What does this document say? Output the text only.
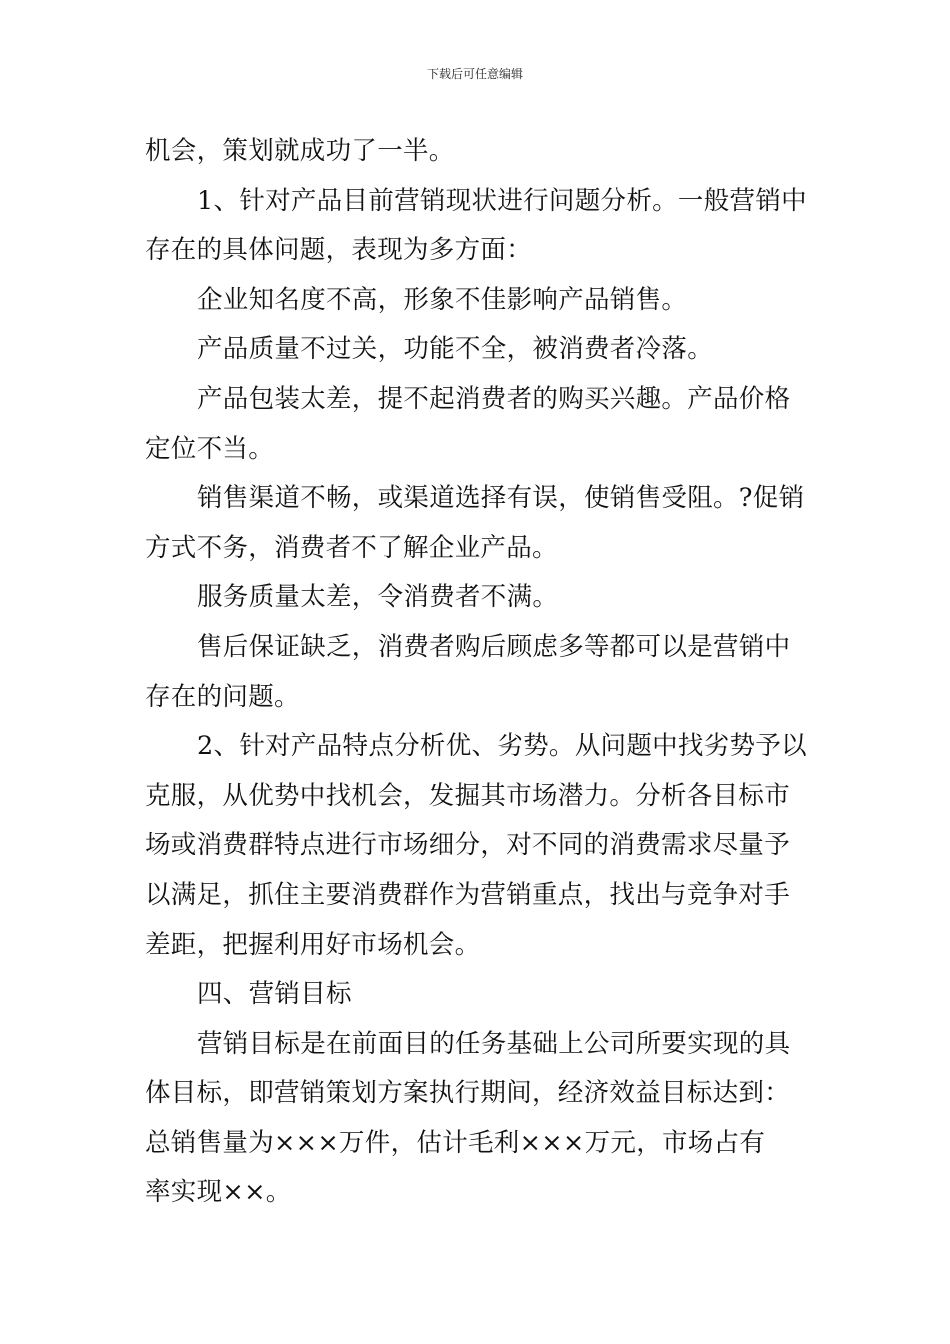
下载后可任意编辑

机会，策划就成功了一半。

1、针对产品目前营销现状进行问题分析。一般营销中

存在的具体问题，表现为多方面：

企业知名度不高，形象不佳影响产品销售。

产品质量不过关，功能不全，被消费者冷落。

产品包装太差，提不起消费者的购买兴趣。产品价格

定位不当。

销售渠道不畅，或渠道选择有误，使销售受阻。?促销

方式不务，消费者不了解企业产品。

服务质量太差，令消费者不满。

售后保证缺乏，消费者购后顾虑多等都可以是营销中

存在的问题。

2、针对产品特点分析优、劣势。从问题中找劣势予以

克服，从优势中找机会，发掘其市场潜力。分析各目标市

场或消费群特点进行市场细分，对不同的消费需求尽量予

以满足，抓住主要消费群作为营销重点，找出与竞争对手

差距，把握利用好市场机会。

四、营销目标

营销目标是在前面目的任务基础上公司所要实现的具

体目标，即营销策划方案执行期间，经济效益目标达到：

总销售量为×××万件，估计毛利×××万元，市场占有

率实现××。
